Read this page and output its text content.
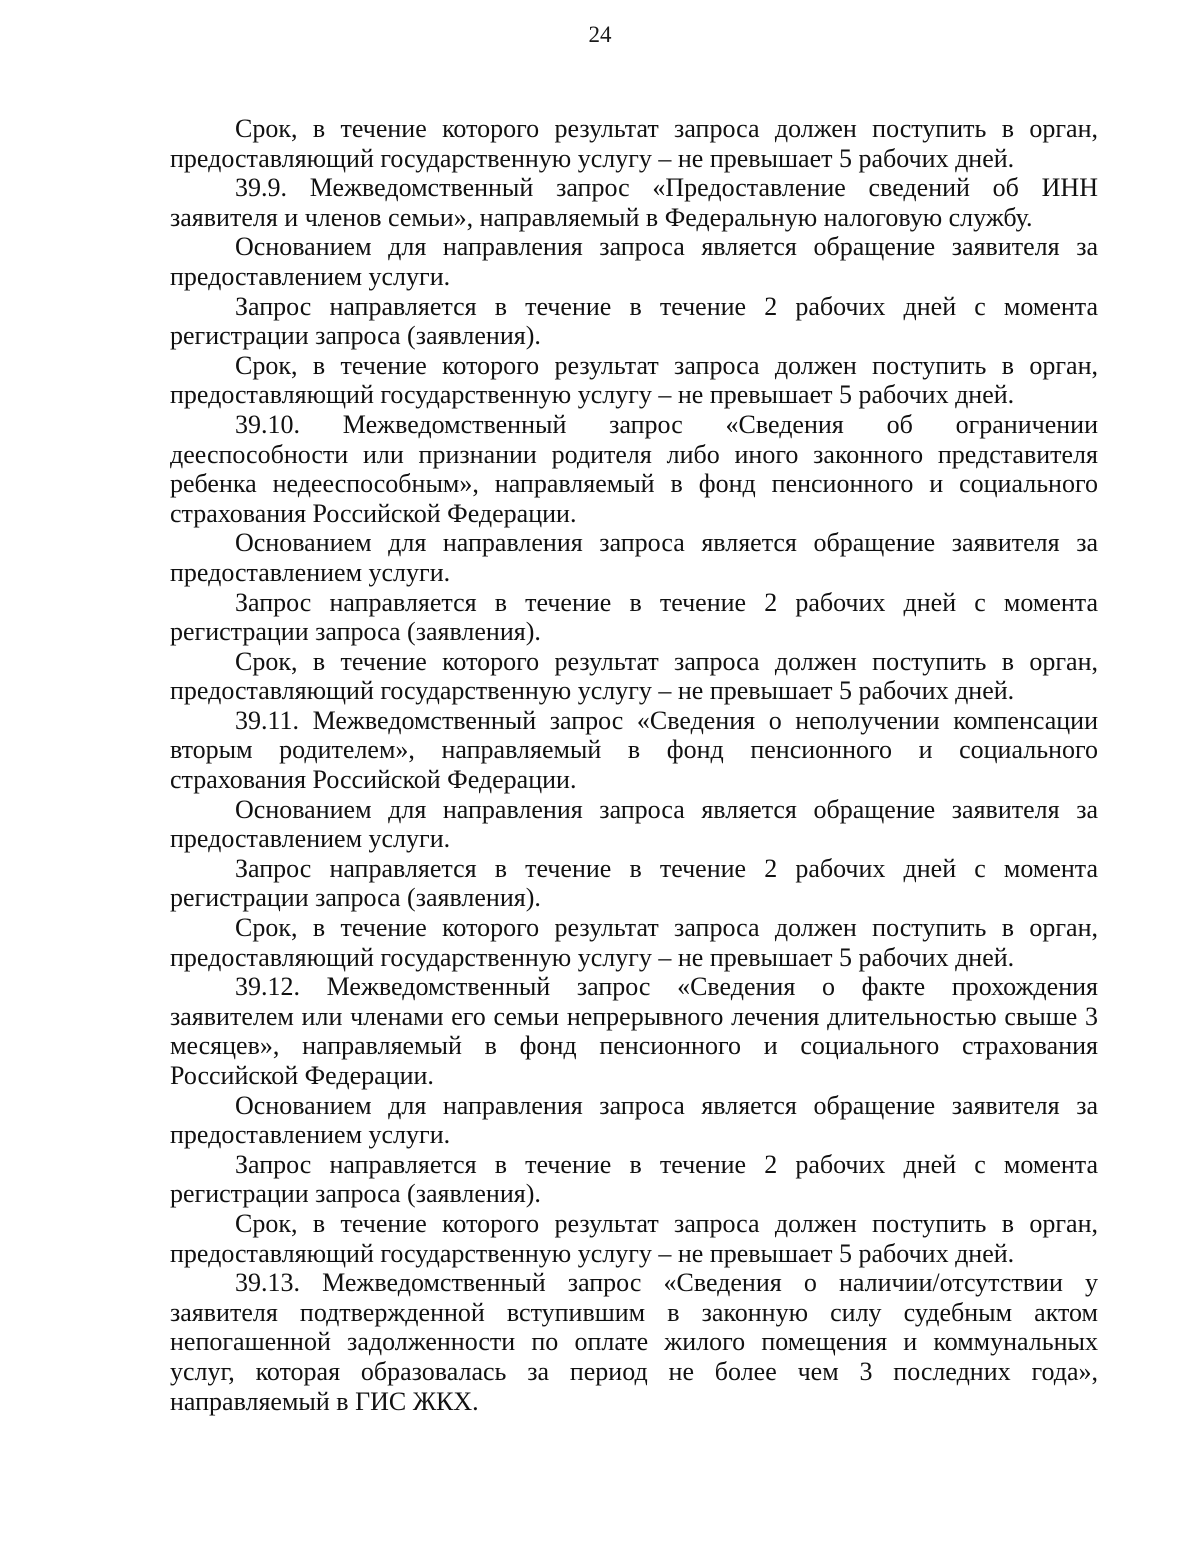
24

Срок, в течение которого результат запроса должен поступить в орган, предоставляющий государственную услугу – не превышает 5 рабочих дней.

39.9. Межведомственный запрос «Предоставление сведений об ИНН заявителя и членов семьи», направляемый в Федеральную налоговую службу.

Основанием для направления запроса является обращение заявителя за предоставлением услуги.

Запрос направляется в течение в течение 2 рабочих дней с момента регистрации запроса (заявления).

Срок, в течение которого результат запроса должен поступить в орган, предоставляющий государственную услугу – не превышает 5 рабочих дней.

39.10. Межведомственный запрос «Сведения об ограничении дееспособности или признании родителя либо иного законного представителя ребенка недееспособным», направляемый в фонд пенсионного и социального страхования Российской Федерации.

Основанием для направления запроса является обращение заявителя за предоставлением услуги.

Запрос направляется в течение в течение 2 рабочих дней с момента регистрации запроса (заявления).

Срок, в течение которого результат запроса должен поступить в орган, предоставляющий государственную услугу – не превышает 5 рабочих дней.

39.11. Межведомственный запрос «Сведения о неполучении компенсации вторым родителем», направляемый в фонд пенсионного и социального страхования Российской Федерации.

Основанием для направления запроса является обращение заявителя за предоставлением услуги.

Запрос направляется в течение в течение 2 рабочих дней с момента регистрации запроса (заявления).

Срок, в течение которого результат запроса должен поступить в орган, предоставляющий государственную услугу – не превышает 5 рабочих дней.

39.12. Межведомственный запрос «Сведения о факте прохождения заявителем или членами его семьи непрерывного лечения длительностью свыше 3 месяцев», направляемый в фонд пенсионного и социального страхования Российской Федерации.

Основанием для направления запроса является обращение заявителя за предоставлением услуги.

Запрос направляется в течение в течение 2 рабочих дней с момента регистрации запроса (заявления).

Срок, в течение которого результат запроса должен поступить в орган, предоставляющий государственную услугу – не превышает 5 рабочих дней.

39.13. Межведомственный запрос «Сведения о наличии/отсутствии у заявителя подтвержденной вступившим в законную силу судебным актом непогашенной задолженности по оплате жилого помещения и коммунальных услуг, которая образовалась за период не более чем 3 последних года», направляемый в ГИС ЖКХ.
